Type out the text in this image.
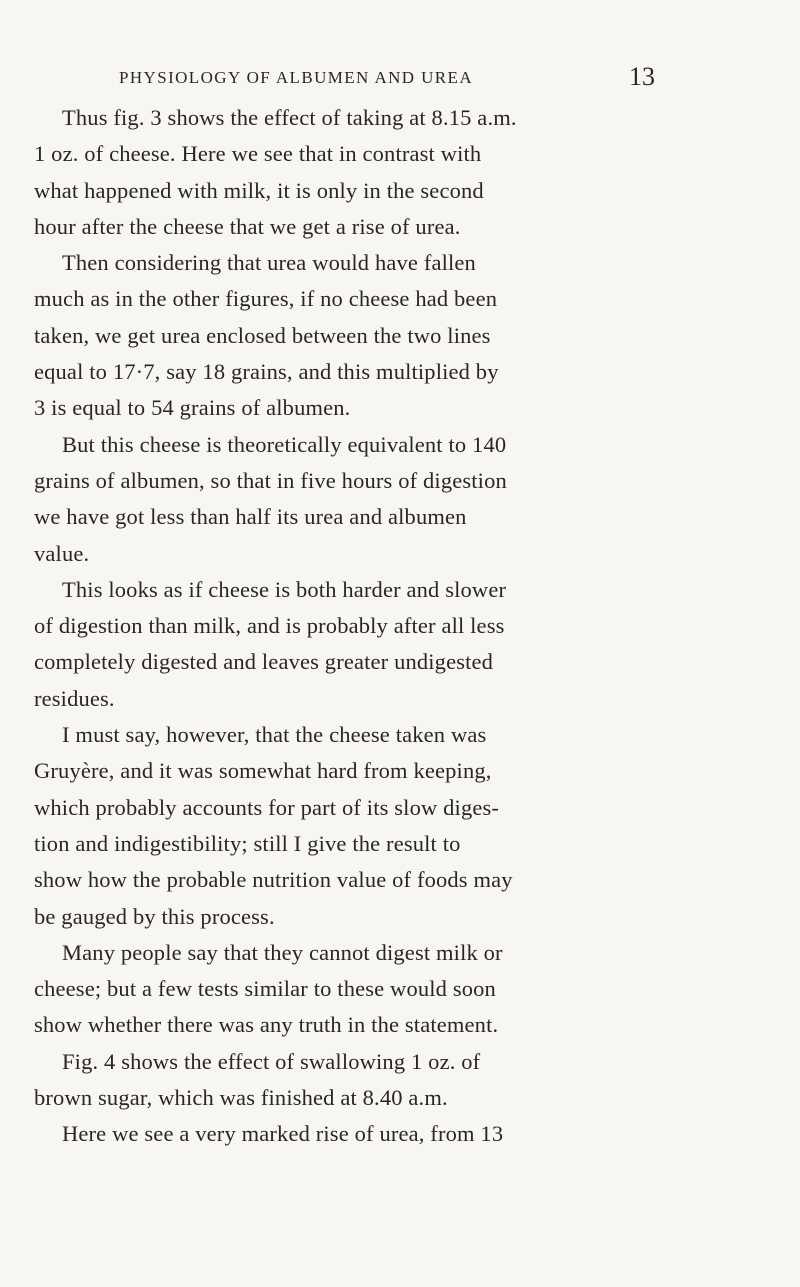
PHYSIOLOGY OF ALBUMEN AND UREA	13
Thus fig. 3 shows the effect of taking at 8.15 a.m.
1 oz. of cheese. Here we see that in contrast with
what happened with milk, it is only in the second
hour after the cheese that we get a rise of urea.
Then considering that urea would have fallen
much as in the other figures, if no cheese had been
taken, we get urea enclosed between the two lines
equal to 17·7, say 18 grains, and this multiplied by
3 is equal to 54 grains of albumen.
But this cheese is theoretically equivalent to 140
grains of albumen, so that in five hours of digestion
we have got less than half its urea and albumen
value.
This looks as if cheese is both harder and slower
of digestion than milk, and is probably after all less
completely digested and leaves greater undigested
residues.
I must say, however, that the cheese taken was
Gruyère, and it was somewhat hard from keeping,
which probably accounts for part of its slow diges-
tion and indigestibility; still I give the result to
show how the probable nutrition value of foods may
be gauged by this process.
Many people say that they cannot digest milk or
cheese; but a few tests similar to these would soon
show whether there was any truth in the statement.
Fig. 4 shows the effect of swallowing 1 oz. of
brown sugar, which was finished at 8.40 a.m.
Here we see a very marked rise of urea, from 13
